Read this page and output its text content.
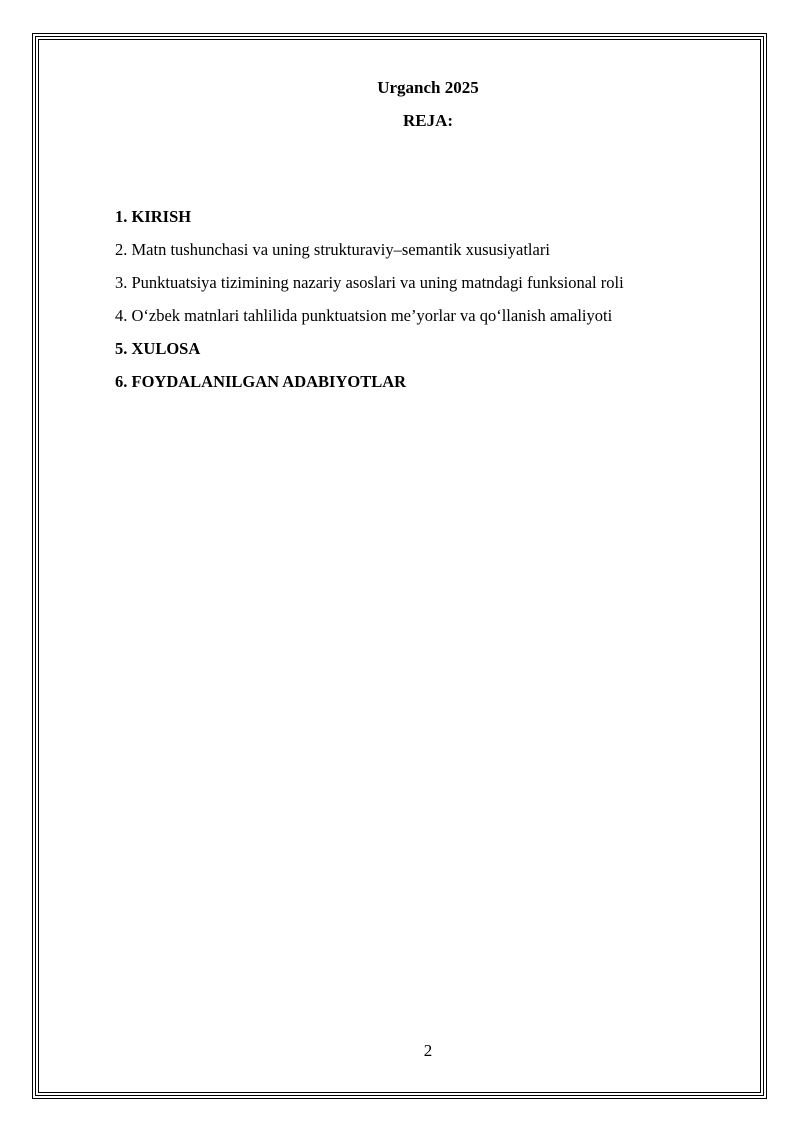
Urganch 2025

REJA:

1. KIRISH
2. Matn tushunchasi va uning strukturaviy–semantik xususiyatlari
3. Punktuatsiya tizimining nazariy asoslari va uning matndagi funksional roli
4. O‘zbek matnlari tahlilida punktuatsion me’yorlar va qo‘llanish amaliyoti
5. XULOSA
6. FOYDALANILGAN ADABIYOTLAR
2
